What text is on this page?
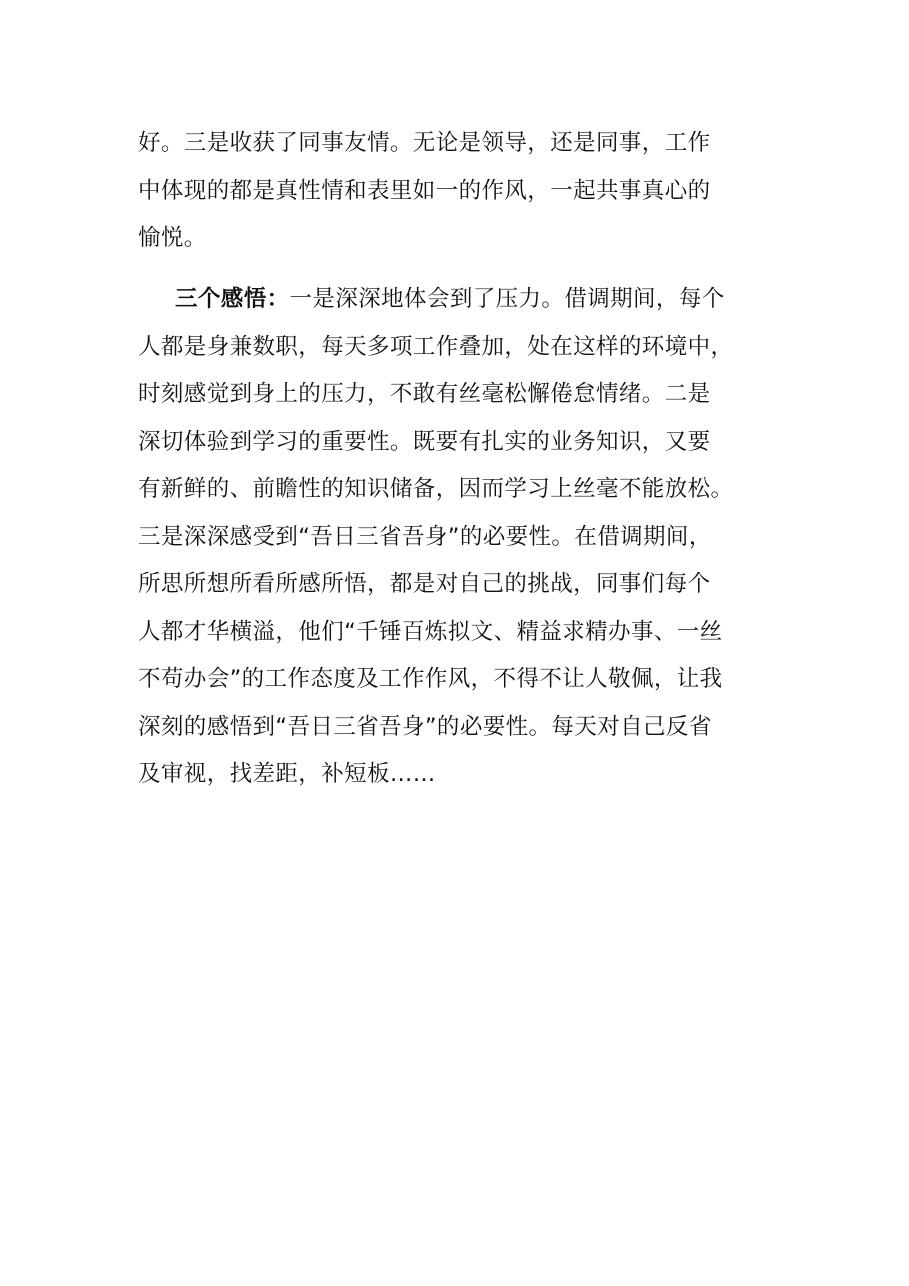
好。三是收获了同事友情。无论是领导，还是同事，工作
中体现的都是真性情和表里如一的作风，一起共事真心的
愉悦。
三个感悟：一是深深地体会到了压力。借调期间，每个
人都是身兼数职，每天多项工作叠加，处在这样的环境中，
时刻感觉到身上的压力，不敢有丝毫松懈倦怠情绪。二是
深切体验到学习的重要性。既要有扎实的业务知识，又要
有新鲜的、前瞻性的知识储备，因而学习上丝毫不能放松。
三是深深感受到“吾日三省吾身”的必要性。在借调期间，
所思所想所看所感所悟，都是对自己的挑战，同事们每个
人都才华横溢，他们“千锤百炼拟文、精益求精办事、一丝
不苟办会”的工作态度及工作作风，不得不让人敬佩，让我
深刻的感悟到“吾日三省吾身”的必要性。每天对自己反省
及审视，找差距，补短板……
